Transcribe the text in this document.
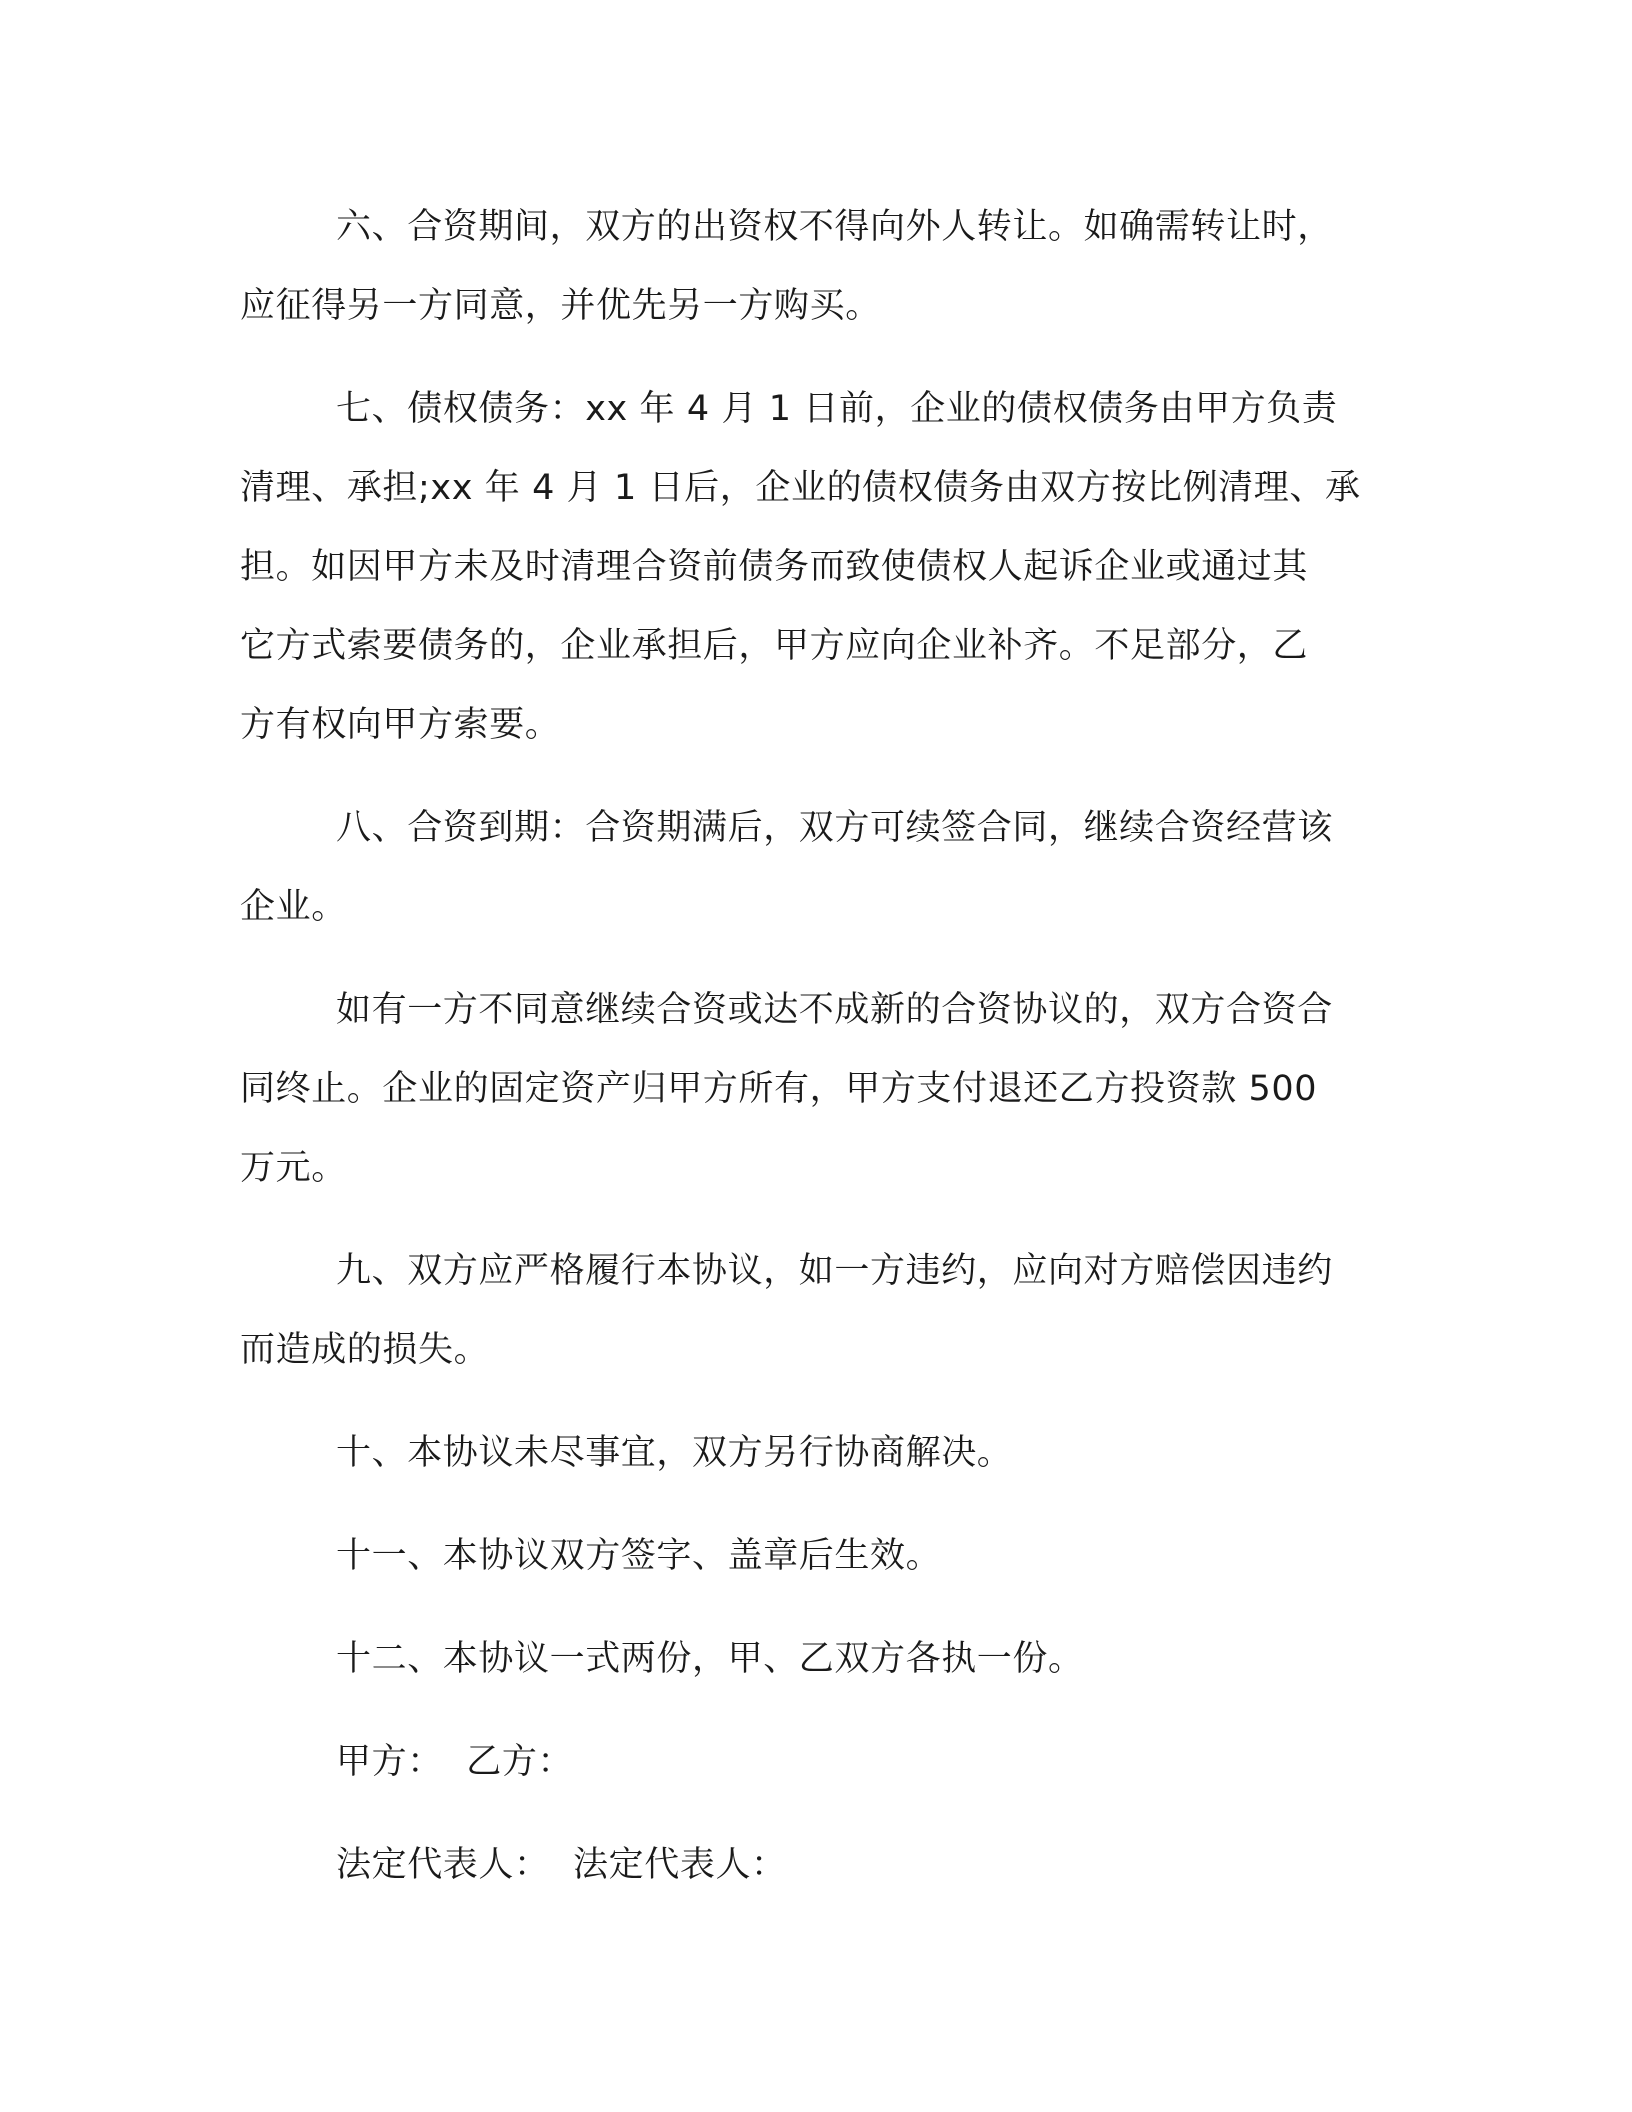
六、合资期间，双方的出资权不得向外人转让。如确需转让时，
应征得另一方同意，并优先另一方购买。
七、债权债务：xx 年 4 月 1 日前，企业的债权债务由甲方负责
清理、承担;xx 年 4 月 1 日后，企业的债权债务由双方按比例清理、承
担。如因甲方未及时清理合资前债务而致使债权人起诉企业或通过其
它方式索要债务的，企业承担后，甲方应向企业补齐。不足部分，乙
方有权向甲方索要。
八、合资到期：合资期满后，双方可续签合同，继续合资经营该
企业。
如有一方不同意继续合资或达不成新的合资协议的，双方合资合
同终止。企业的固定资产归甲方所有，甲方支付退还乙方投资款 500
万元。
九、双方应严格履行本协议，如一方违约，应向对方赔偿因违约
而造成的损失。
十、本协议未尽事宜，双方另行协商解决。
十一、本协议双方签字、盖章后生效。
十二、本协议一式两份，甲、乙双方各执一份。
甲方：  乙方：
法定代表人：  法定代表人：
